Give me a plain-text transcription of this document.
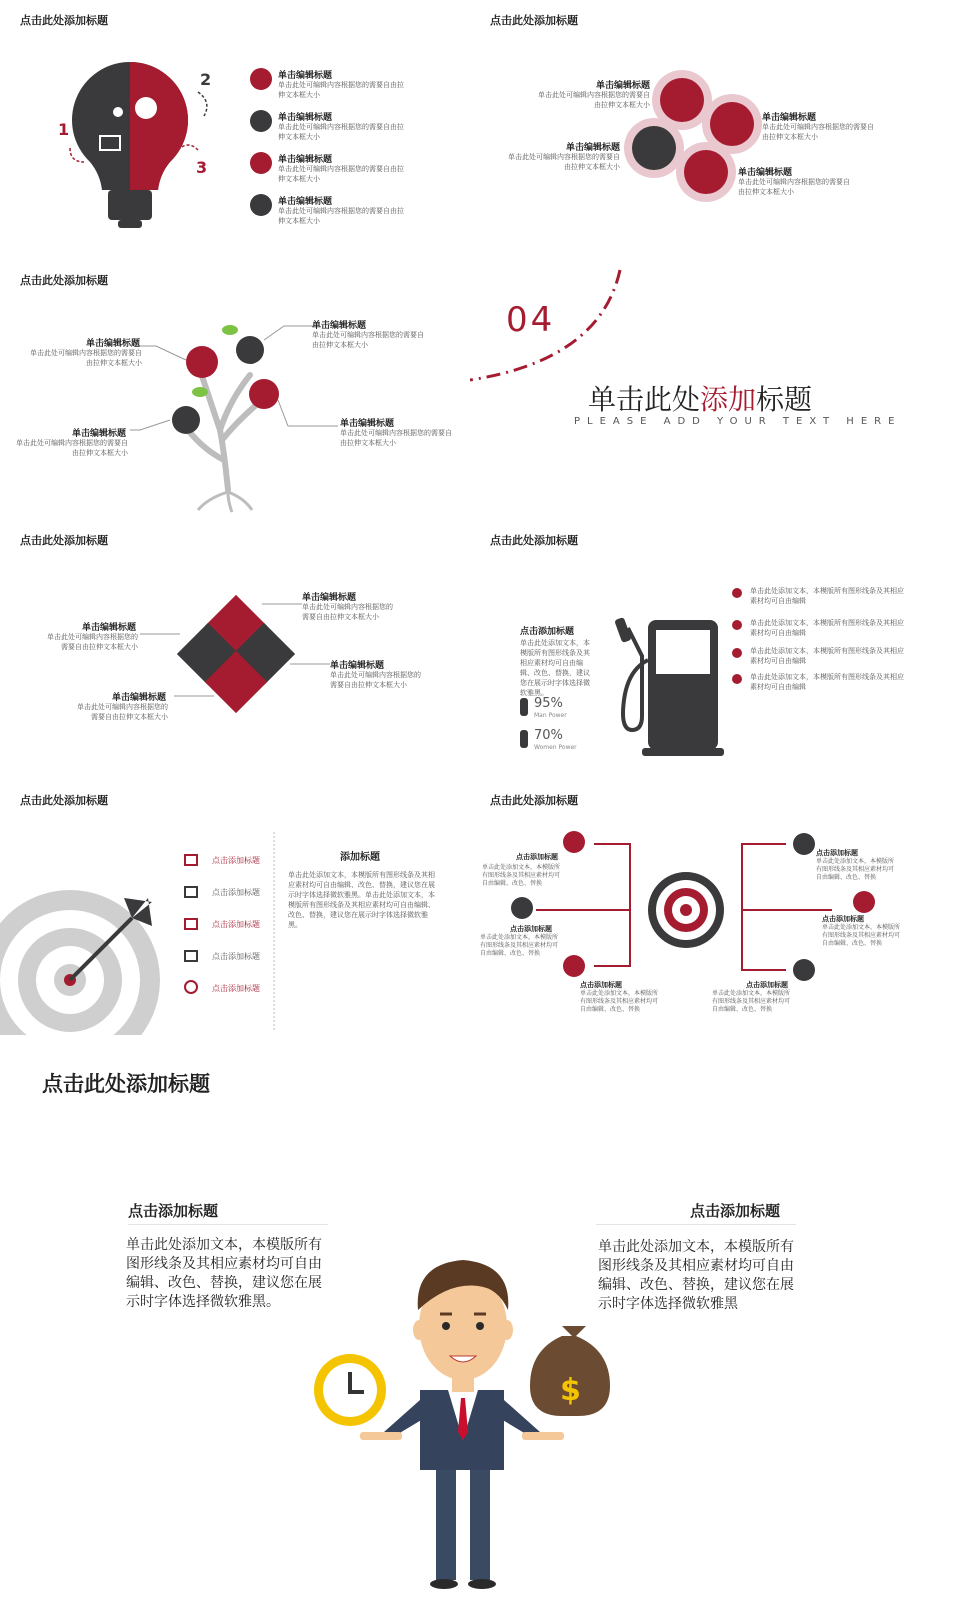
点击此处添加标题
1
2
3
单击编辑标题
单击此处可编辑内容根据您的需要自由拉伸文本框大小
单击编辑标题
单击此处可编辑内容根据您的需要自由拉伸文本框大小
单击编辑标题
单击此处可编辑内容根据您的需要自由拉伸文本框大小
单击编辑标题
单击此处可编辑内容根据您的需要自由拉伸文本框大小
点击此处添加标题
单击编辑标题
单击此处可编辑内容根据您的需要自由拉伸文本框大小
单击编辑标题
单击此处可编辑内容根据您的需要自由拉伸文本框大小
单击编辑标题
单击此处可编辑内容根据您的需要自由拉伸文本框大小
单击编辑标题
单击此处可编辑内容根据您的需要自由拉伸文本框大小
点击此处添加标题
单击编辑标题
单击此处可编辑内容根据您的需要自由拉伸文本框大小
单击编辑标题
单击此处可编辑内容根据您的需要自由拉伸文本框大小
单击编辑标题
单击此处可编辑内容根据您的需要自由拉伸文本框大小
单击编辑标题
单击此处可编辑内容根据您的需要自由拉伸文本框大小
04
单击此处添加标题
PLEASE ADD YOUR TEXT HERE
点击此处添加标题
单击编辑标题
单击此处可编辑内容根据您的需要自由拉伸文本框大小
单击编辑标题
单击此处可编辑内容根据您的需要自由拉伸文本框大小
单击编辑标题
单击此处可编辑内容根据您的需要自由拉伸文本框大小
单击编辑标题
单击此处可编辑内容根据您的需要自由拉伸文本框大小
点击此处添加标题
点击添加标题
单击此处添加文本，本模版所有图形线条及其相应素材均可自由编辑、改色、替换，建议您在展示时字体选择微软雅黑。
95%
Man Power
70%
Women Power
单击此处添加文本，本模版所有图形线条及其相应素材均可自由编辑
单击此处添加文本，本模版所有图形线条及其相应素材均可自由编辑
单击此处添加文本，本模版所有图形线条及其相应素材均可自由编辑
单击此处添加文本，本模版所有图形线条及其相应素材均可自由编辑
点击此处添加标题
点击添加标题
点击添加标题
点击添加标题
点击添加标题
点击添加标题
添加标题
单击此处添加文本，本模版所有图形线条及其相应素材均可自由编辑、改色、替换，建议您在展示时字体选择微软雅黑。单击此处添加文本，本模版所有图形线条及其相应素材均可自由编辑、改色、替换，建议您在展示时字体选择微软雅黑。
点击此处添加标题
点击添加标题
单击此处添加文本，本模版所有图形线条及其相应素材均可自由编辑、改色、替换
点击添加标题
单击此处添加文本，本模版所有图形线条及其相应素材均可自由编辑、改色、替换
点击添加标题
单击此处添加文本，本模版所有图形线条及其相应素材均可自由编辑、改色、替换
点击添加标题
单击此处添加文本，本模版所有图形线条及其相应素材均可自由编辑、改色、替换
点击添加标题
单击此处添加文本，本模版所有图形线条及其相应素材均可自由编辑、改色、替换
点击添加标题
单击此处添加文本，本模版所有图形线条及其相应素材均可自由编辑、改色、替换
点击此处添加标题
点击添加标题
单击此处添加文本，本模版所有图形线条及其相应素材均可自由编辑、改色、替换，建议您在展示时字体选择微软雅黑。
点击添加标题
单击此处添加文本，本模版所有图形线条及其相应素材均可自由编辑、改色、替换，建议您在展示时字体选择微软雅黑
$
